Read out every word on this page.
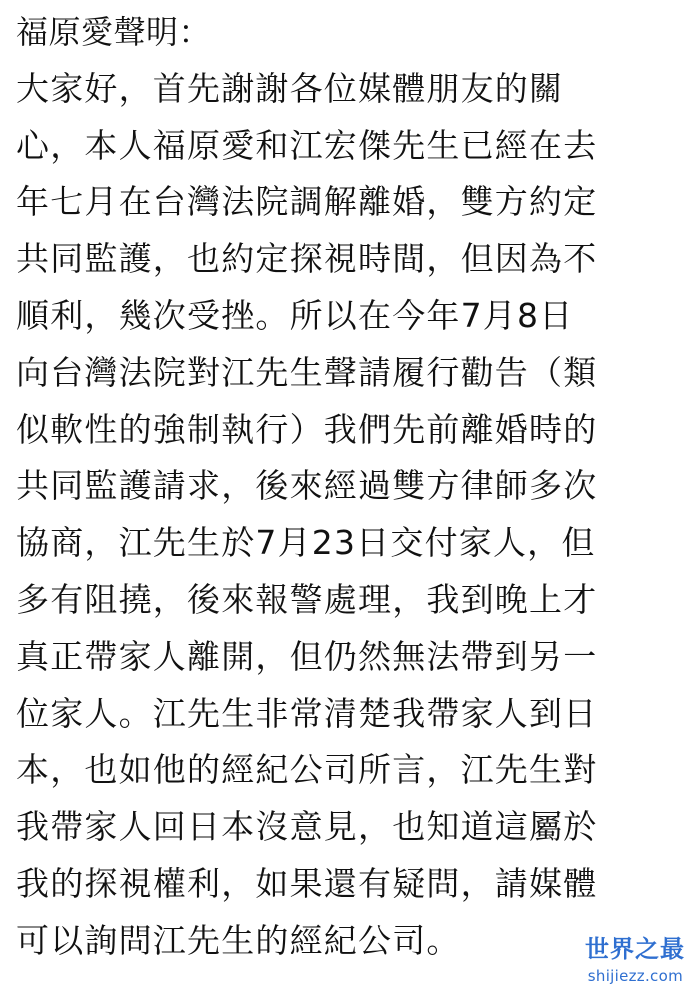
福原愛聲明：
大家好，首先謝謝各位媒體朋友的關
心，本人福原愛和江宏傑先生已經在去
年七月在台灣法院調解離婚，雙方約定
共同監護，也約定探視時間，但因為不
順利，幾次受挫。所以在今年7月8日
向台灣法院對江先生聲請履行勸告（類
似軟性的強制執行）我們先前離婚時的
共同監護請求，後來經過雙方律師多次
協商，江先生於7月23日交付家人，但
多有阻撓，後來報警處理，我到晚上才
真正帶家人離開，但仍然無法帶到另一
位家人。江先生非常清楚我帶家人到日
本，也如他的經紀公司所言，江先生對
我帶家人回日本沒意見，也知道這屬於
我的探視權利，如果還有疑問，請媒體
可以詢問江先生的經紀公司。	世界之最
shijiezz.com
